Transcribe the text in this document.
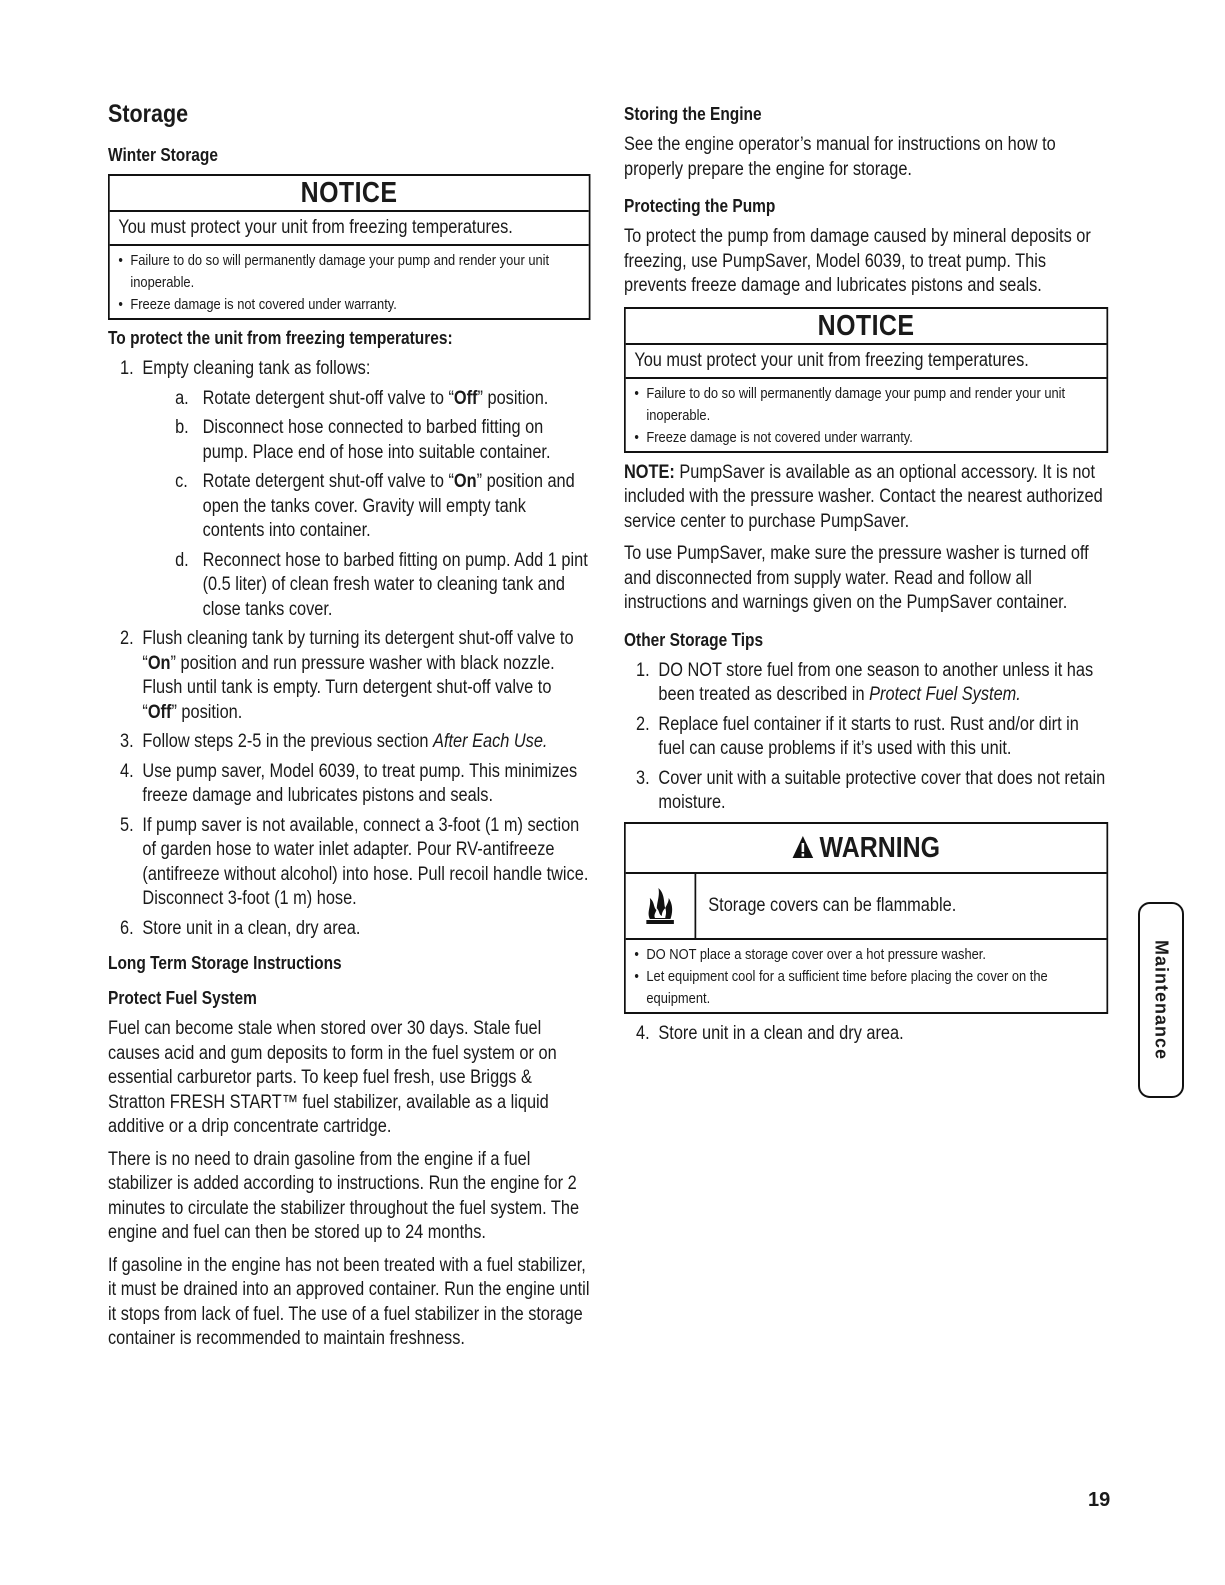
Storage
Winter Storage
NOTICE
You must protect your unit from freezing temperatures.
• Failure to do so will permanently damage your pump and render your unit inoperable.
• Freeze damage is not covered under warranty.
To protect the unit from freezing temperatures:
1. Empty cleaning tank as follows:
a. Rotate detergent shut-off valve to “Off” position.
b. Disconnect hose connected to barbed fitting on pump. Place end of hose into suitable container.
c. Rotate detergent shut-off valve to “On” position and open the tanks cover. Gravity will empty tank contents into container.
d. Reconnect hose to barbed fitting on pump. Add 1 pint (0.5 liter) of clean fresh water to cleaning tank and close tanks cover.
2. Flush cleaning tank by turning its detergent shut-off valve to “On” position and run pressure washer with black nozzle. Flush until tank is empty. Turn detergent shut-off valve to “Off” position.
3. Follow steps 2-5 in the previous section After Each Use.
4. Use pump saver, Model 6039, to treat pump. This minimizes freeze damage and lubricates pistons and seals.
5. If pump saver is not available, connect a 3-foot (1 m) section of garden hose to water inlet adapter. Pour RV-antifreeze (antifreeze without alcohol) into hose. Pull recoil handle twice. Disconnect 3-foot (1 m) hose.
6. Store unit in a clean, dry area.
Long Term Storage Instructions
Protect Fuel System

Fuel can become stale when stored over 30 days. Stale fuel causes acid and gum deposits to form in the fuel system or on essential carburetor parts. To keep fuel fresh, use Briggs & Stratton FRESH START™ fuel stabilizer, available as a liquid additive or a drip concentrate cartridge.

There is no need to drain gasoline from the engine if a fuel stabilizer is added according to instructions. Run the engine for 2 minutes to circulate the stabilizer throughout the fuel system. The engine and fuel can then be stored up to 24 months.

If gasoline in the engine has not been treated with a fuel stabilizer, it must be drained into an approved container. Run the engine until it stops from lack of fuel. The use of a fuel stabilizer in the storage container is recommended to maintain freshness.

Storing the Engine

See the engine operator’s manual for instructions on how to properly prepare the engine for storage.

Protecting the Pump

To protect the pump from damage caused by mineral deposits or freezing, use PumpSaver, Model 6039, to treat pump. This prevents freeze damage and lubricates pistons and seals.

NOTICE
You must protect your unit from freezing temperatures.
• Failure to do so will permanently damage your pump and render your unit inoperable.
• Freeze damage is not covered under warranty.

NOTE: PumpSaver is available as an optional accessory. It is not included with the pressure washer. Contact the nearest authorized service center to purchase PumpSaver.

To use PumpSaver, make sure the pressure washer is turned off and disconnected from supply water. Read and follow all instructions and warnings given on the PumpSaver container.

Other Storage Tips
1. DO NOT store fuel from one season to another unless it has been treated as described in Protect Fuel System.
2. Replace fuel container if it starts to rust. Rust and/or dirt in fuel can cause problems if it’s used with this unit.
3. Cover unit with a suitable protective cover that does not retain moisture.
WARNING
Storage covers can be flammable.
• DO NOT place a storage cover over a hot pressure washer.
• Let equipment cool for a sufficient time before placing the cover on the equipment.
4. Store unit in a clean and dry area.	Maintenance
19
